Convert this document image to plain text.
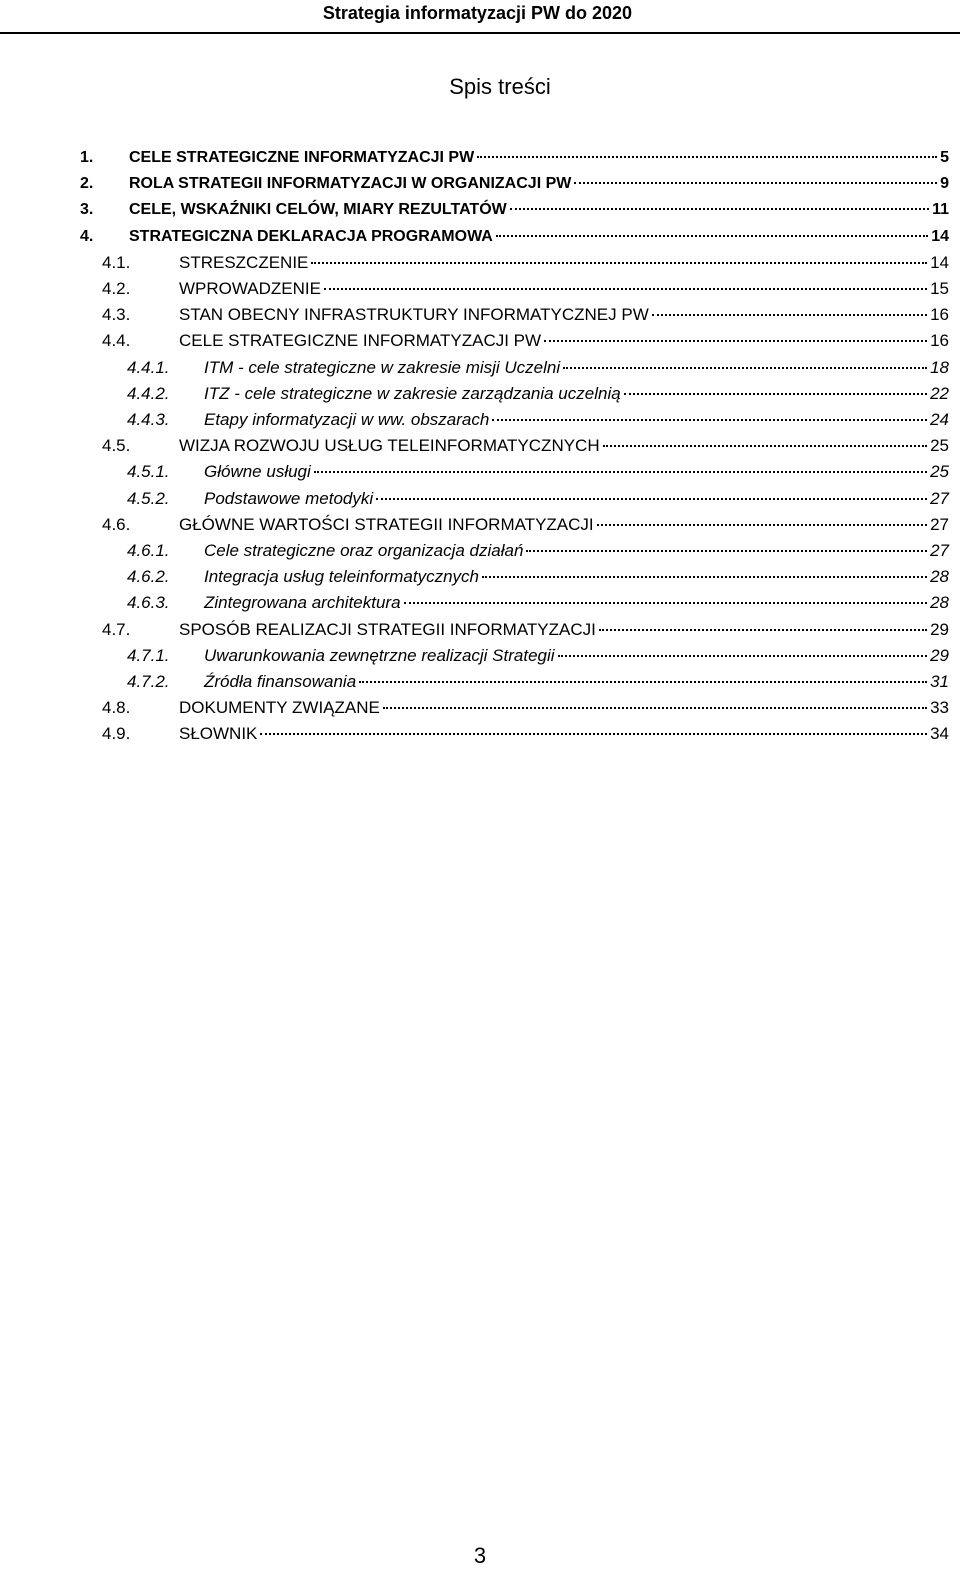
Strategia informatyzacji PW do 2020
Spis treści
1.	CELE STRATEGICZNE INFORMATYZACJI PW	5
2.	ROLA STRATEGII INFORMATYZACJI W ORGANIZACJI PW	9
3.	CELE, WSKAŹNIKI CELÓW, MIARY REZULTATÓW	11
4.	STRATEGICZNA DEKLARACJA PROGRAMOWA	14
4.1.	STRESZCZENIE	14
4.2.	WPROWADZENIE	15
4.3.	STAN OBECNY INFRASTRUKTURY INFORMATYCZNEJ PW	16
4.4.	CELE STRATEGICZNE INFORMATYZACJI PW	16
4.4.1.	ITM - cele strategiczne w zakresie misji Uczelni	18
4.4.2.	ITZ - cele strategiczne w zakresie zarządzania uczelnią	22
4.4.3.	Etapy informatyzacji w ww. obszarach	24
4.5.	WIZJA ROZWOJU USŁUG TELEINFORMATYCZNYCH	25
4.5.1.	Główne usługi	25
4.5.2.	Podstawowe metodyki	27
4.6.	GŁÓWNE WARTOŚCI STRATEGII INFORMATYZACJI	27
4.6.1.	Cele strategiczne oraz organizacja działań	27
4.6.2.	Integracja usług teleinformatycznych	28
4.6.3.	Zintegrowana architektura	28
4.7.	SPOSÓB REALIZACJI STRATEGII INFORMATYZACJI	29
4.7.1.	Uwarunkowania zewnętrzne realizacji Strategii	29
4.7.2.	Źródła finansowania	31
4.8.	DOKUMENTY ZWIĄZANE	33
4.9.	SŁOWNIK	34
3
